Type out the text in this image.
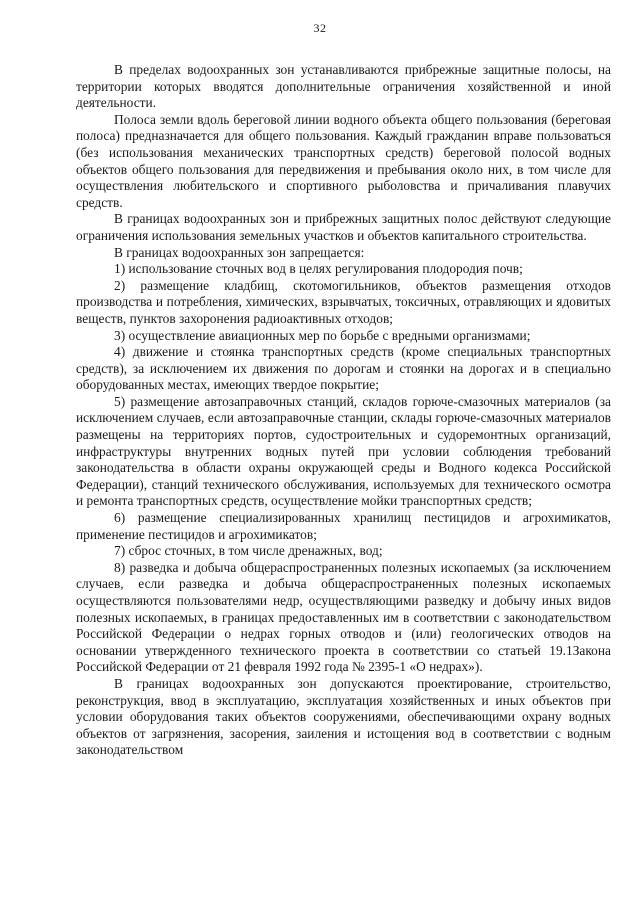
32

В пределах водоохранных зон устанавливаются прибрежные защитные полосы, на территории которых вводятся дополнительные ограничения хозяйственной и иной деятельности.

Полоса земли вдоль береговой линии водного объекта общего пользования (береговая полоса) предназначается для общего пользования. Каждый гражданин вправе пользоваться (без использования механических транспортных средств) береговой полосой водных объектов общего пользования для передвижения и пребывания около них, в том числе для осуществления любительского и спортивного рыболовства и причаливания плавучих средств.

В границах водоохранных зон и прибрежных защитных полос действуют следующие ограничения использования земельных участков и объектов капитального строительства.

В границах водоохранных зон запрещается:

1) использование сточных вод в целях регулирования плодородия почв;

2) размещение кладбищ, скотомогильников, объектов размещения отходов производства и потребления, химических, взрывчатых, токсичных, отравляющих и ядовитых веществ, пунктов захоронения радиоактивных отходов;

3) осуществление авиационных мер по борьбе с вредными организмами;

4) движение и стоянка транспортных средств (кроме специальных транспортных средств), за исключением их движения по дорогам и стоянки на дорогах и в специально оборудованных местах, имеющих твердое покрытие;

5) размещение автозаправочных станций, складов горюче-смазочных материалов (за исключением случаев, если автозаправочные станции, склады горюче-смазочных материалов размещены на территориях портов, судостроительных и судоремонтных организаций, инфраструктуры внутренних водных путей при условии соблюдения требований законодательства в области охраны окружающей среды и Водного кодекса Российской Федерации), станций технического обслуживания, используемых для технического осмотра и ремонта транспортных средств, осуществление мойки транспортных средств;

6) размещение специализированных хранилищ пестицидов и агрохимикатов, применение пестицидов и агрохимикатов;

7) сброс сточных, в том числе дренажных, вод;

8) разведка и добыча общераспространенных полезных ископаемых (за исключением случаев, если разведка и добыча общераспространенных полезных ископаемых осуществляются пользователями недр, осуществляющими разведку и добычу иных видов полезных ископаемых, в границах предоставленных им в соответствии с законодательством Российской Федерации о недрах горных отводов и (или) геологических отводов на основании утвержденного технического проекта в соответствии со статьей 19.1Закона Российской Федерации от 21 февраля 1992 года № 2395-1 «О недрах»).

В границах водоохранных зон допускаются проектирование, строительство, реконструкция, ввод в эксплуатацию, эксплуатация хозяйственных и иных объектов при условии оборудования таких объектов сооружениями, обеспечивающими охрану водных объектов от загрязнения, засорения, заиления и истощения вод в соответствии с водным законодательством
